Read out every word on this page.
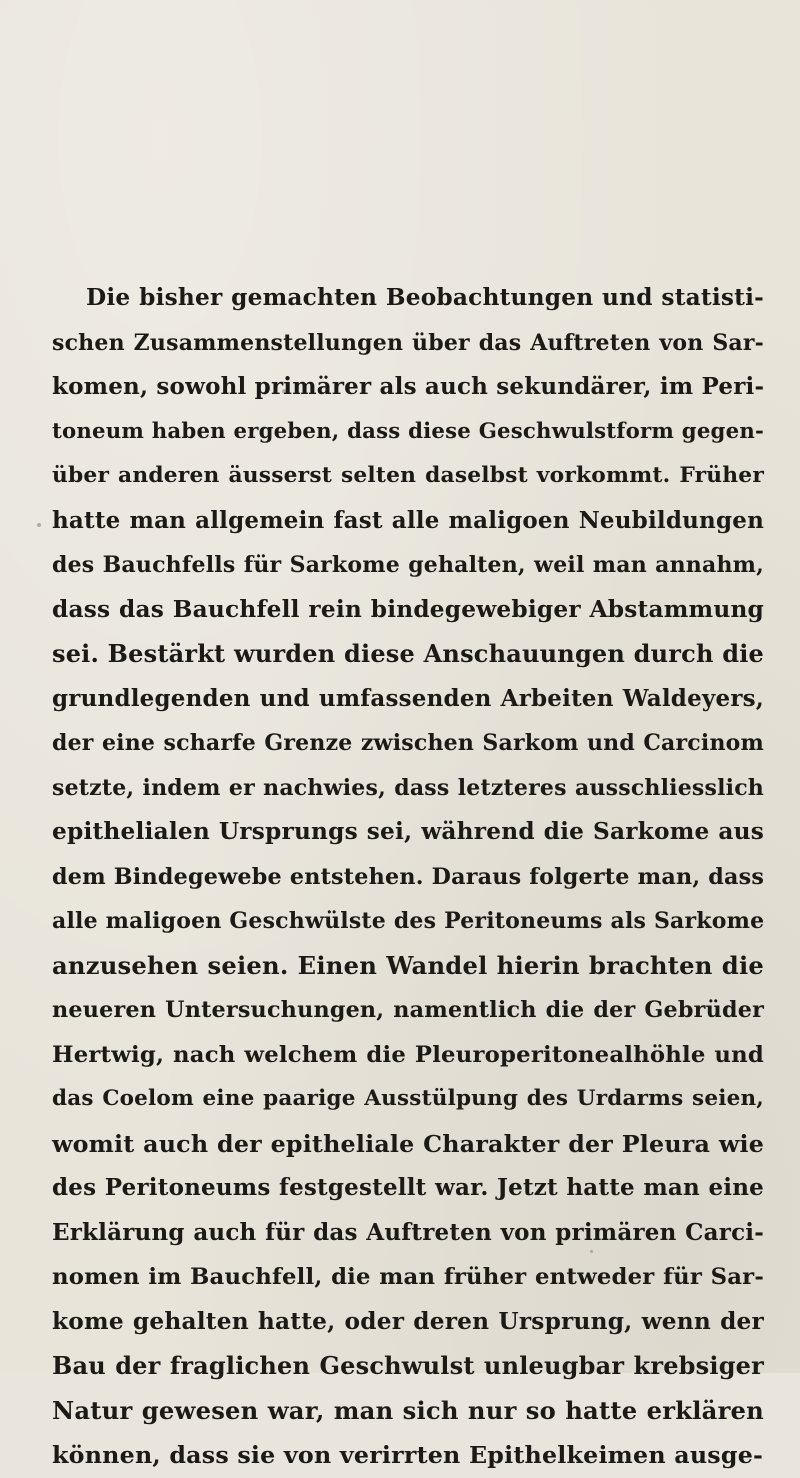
Die bisher gemachten Beobachtungen und statisti-
schen Zusammenstellungen über das Auftreten von Sar-
komen, sowohl primärer als auch sekundärer, im Peri-
toneum haben ergeben, dass diese Geschwulstform gegen-
über anderen äusserst selten daselbst vorkommt. Früher
hatte man allgemein fast alle maligoen Neubildungen
des Bauchfells für Sarkome gehalten, weil man annahm,
dass das Bauchfell rein bindegewebiger Abstammung
sei. Bestärkt wurden diese Anschauungen durch die
grundlegenden und umfassenden Arbeiten Waldeyers,
der eine scharfe Grenze zwischen Sarkom und Carcinom
setzte, indem er nachwies, dass letzteres ausschliesslich
epithelialen Ursprungs sei, während die Sarkome aus
dem Bindegewebe entstehen. Daraus folgerte man, dass
alle maligoen Geschwülste des Peritoneums als Sarkome
anzusehen seien. Einen Wandel hierin brachten die
neueren Untersuchungen, namentlich die der Gebrüder
Hertwig, nach welchem die Pleuroperitonealhöhle und
das Coelom eine paarige Ausstülpung des Urdarms seien,
womit auch der epitheliale Charakter der Pleura wie
des Peritoneums festgestellt war. Jetzt hatte man eine
Erklärung auch für das Auftreten von primären Carci-
nomen im Bauchfell, die man früher entweder für Sar-
kome gehalten hatte, oder deren Ursprung, wenn der
Bau der fraglichen Geschwulst unleugbar krebsiger
Natur gewesen war, man sich nur so hatte erklären
können, dass sie von verirrten Epithelkeimen ausge-
